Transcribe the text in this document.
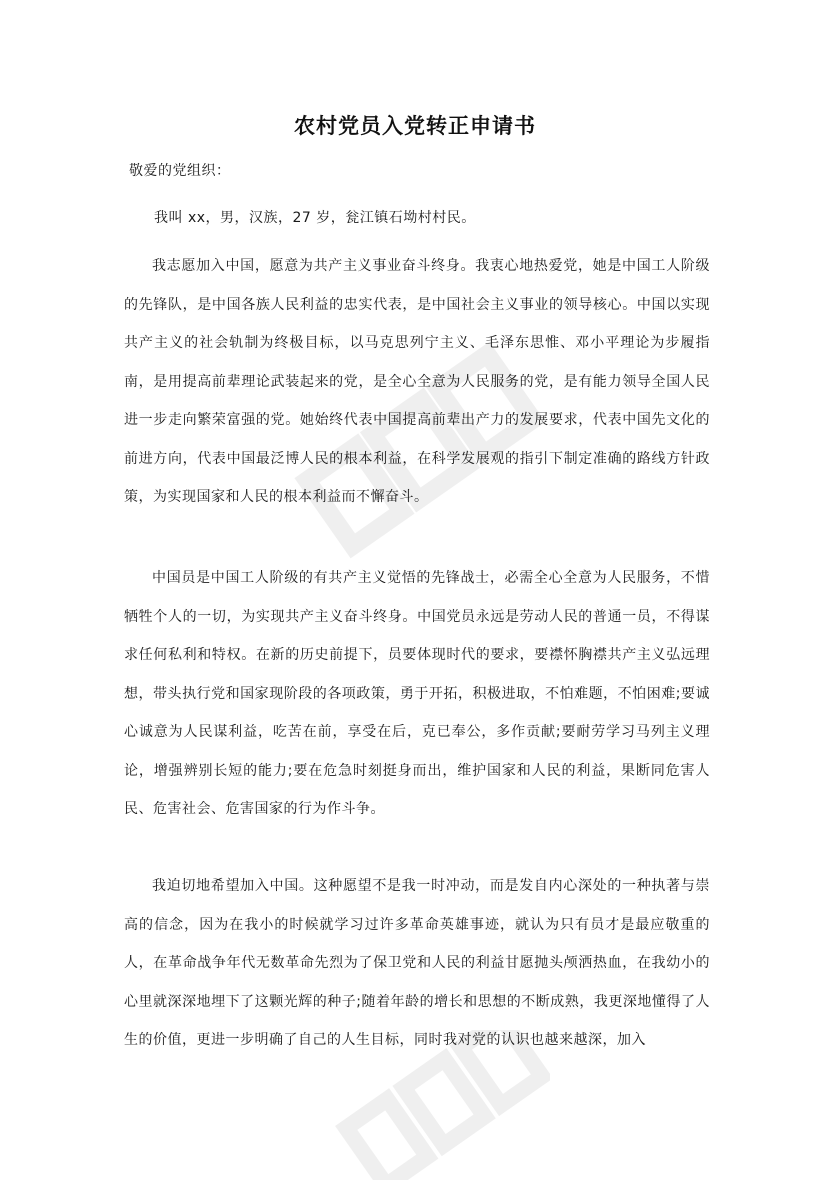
农村党员入党转正申请书
敬爱的党组织：
我叫 xx，男，汉族，27 岁，瓮江镇石坳村村民。

我志愿加入中国，愿意为共产主义事业奋斗终身。我衷心地热爱党，她是中国工人阶级的先锋队，是中国各族人民利益的忠实代表，是中国社会主义事业的领导核心。中国以实现共产主义的社会轨制为终极目标，以马克思列宁主义、毛泽东思惟、邓小平理论为步履指南，是用提高前辈理论武装起来的党，是全心全意为人民服务的党，是有能力领导全国人民进一步走向繁荣富强的党。她始终代表中国提高前辈出产力的发展要求，代表中国先文化的前进方向，代表中国最泛博人民的根本利益，在科学发展观的指引下制定准确的路线方针政策，为实现国家和人民的根本利益而不懈奋斗。

中国员是中国工人阶级的有共产主义觉悟的先锋战士，必需全心全意为人民服务，不惜牺牲个人的一切，为实现共产主义奋斗终身。中国党员永远是劳动人民的普通一员，不得谋求任何私利和特权。在新的历史前提下，员要体现时代的要求，要襟怀胸襟共产主义弘远理想，带头执行党和国家现阶段的各项政策，勇于开拓，积极进取，不怕难题，不怕困难;要诚心诚意为人民谋利益，吃苦在前，享受在后，克已奉公，多作贡献;要耐劳学习马列主义理论，增强辨别长短的能力;要在危急时刻挺身而出，维护国家和人民的利益，果断同危害人民、危害社会、危害国家的行为作斗争。

我迫切地希望加入中国。这种愿望不是我一时冲动，而是发自内心深处的一种执著与崇高的信念，因为在我小的时候就学习过许多革命英雄事迹，就认为只有员才是最应敬重的人，在革命战争年代无数革命先烈为了保卫党和人民的利益甘愿抛头颅洒热血，在我幼小的心里就深深地埋下了这颗光辉的种子;随着年龄的增长和思想的不断成熟，我更深地懂得了人生的价值，更进一步明确了自己的人生目标，同时我对党的认识也越来越深，加入
